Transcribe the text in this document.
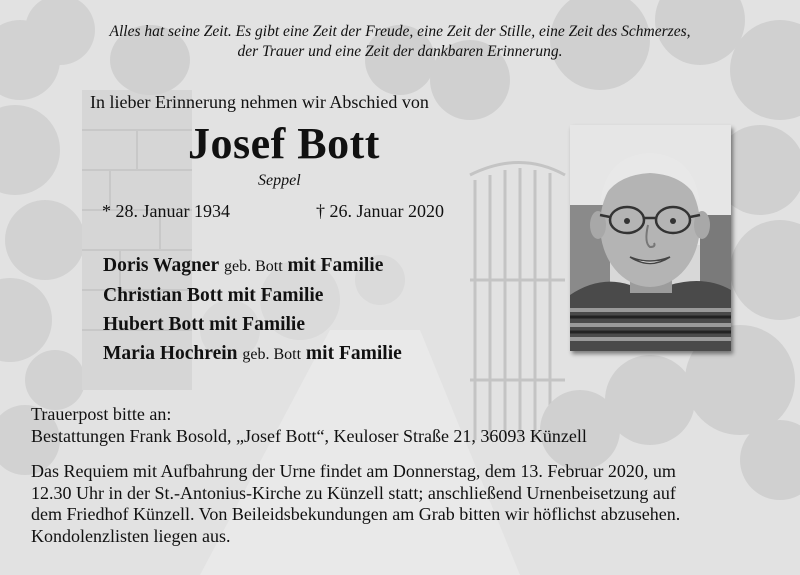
Alles hat seine Zeit. Es gibt eine Zeit der Freude, eine Zeit der Stille, eine Zeit des Schmerzes,
der Trauer und eine Zeit der dankbaren Erinnerung.
In lieber Erinnerung nehmen wir Abschied von
Josef Bott
Seppel
* 28. Januar 1934	† 26. Januar 2020
Doris Wagner geb. Bott mit Familie
Christian Bott mit Familie
Hubert Bott mit Familie
Maria Hochrein geb. Bott mit Familie
Trauerpost bitte an:
Bestattungen Frank Bosold, „Josef Bott“, Keuloser Straße 21, 36093 Künzell
Das Requiem mit Aufbahrung der Urne findet am Donnerstag, dem 13. Februar 2020, um
12.30 Uhr in der St.-Antonius-Kirche zu Künzell statt; anschließend Urnenbeisetzung auf
dem Friedhof Künzell. Von Beileidsbekundungen am Grab bitten wir höflichst abzusehen.
Kondolenzlisten liegen aus.
